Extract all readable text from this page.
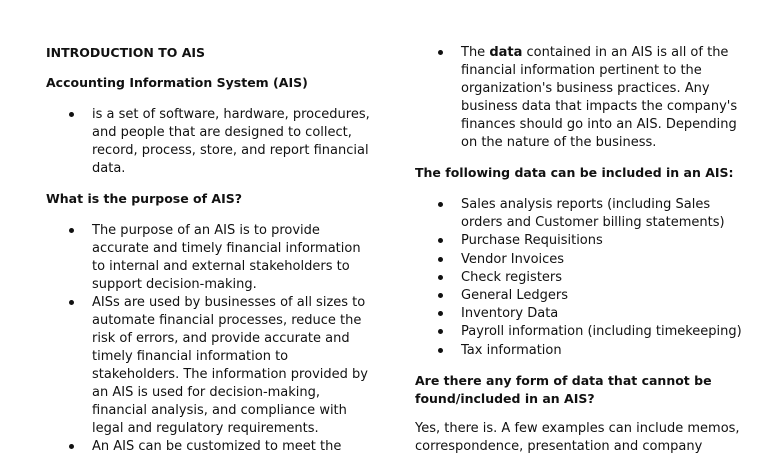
INTRODUCTION TO AIS

Accounting Information System (AIS)

is a set of software, hardware, procedures, and people that are designed to collect, record, process, store, and report financial data.

What is the purpose of AIS?

The purpose of an AIS is to provide accurate and timely financial information to internal and external stakeholders to support decision-making.
AISs are used by businesses of all sizes to automate financial processes, reduce the risk of errors, and provide accurate and timely financial information to stakeholders. The information provided by an AIS is used for decision-making, financial analysis, and compliance with legal and regulatory requirements.
An AIS can be customized to meet the
The data contained in an AIS is all of the financial information pertinent to the organization's business practices. Any business data that impacts the company's finances should go into an AIS. Depending on the nature of the business.

The following data can be included in an AIS:

Sales analysis reports (including Sales orders and Customer billing statements)
Purchase Requisitions
Vendor Invoices
Check registers
General Ledgers
Inventory Data
Payroll information (including timekeeping)
Tax information

Are there any form of data that cannot be found/included in an AIS?

Yes, there is. A few examples can include memos, correspondence, presentation and company
